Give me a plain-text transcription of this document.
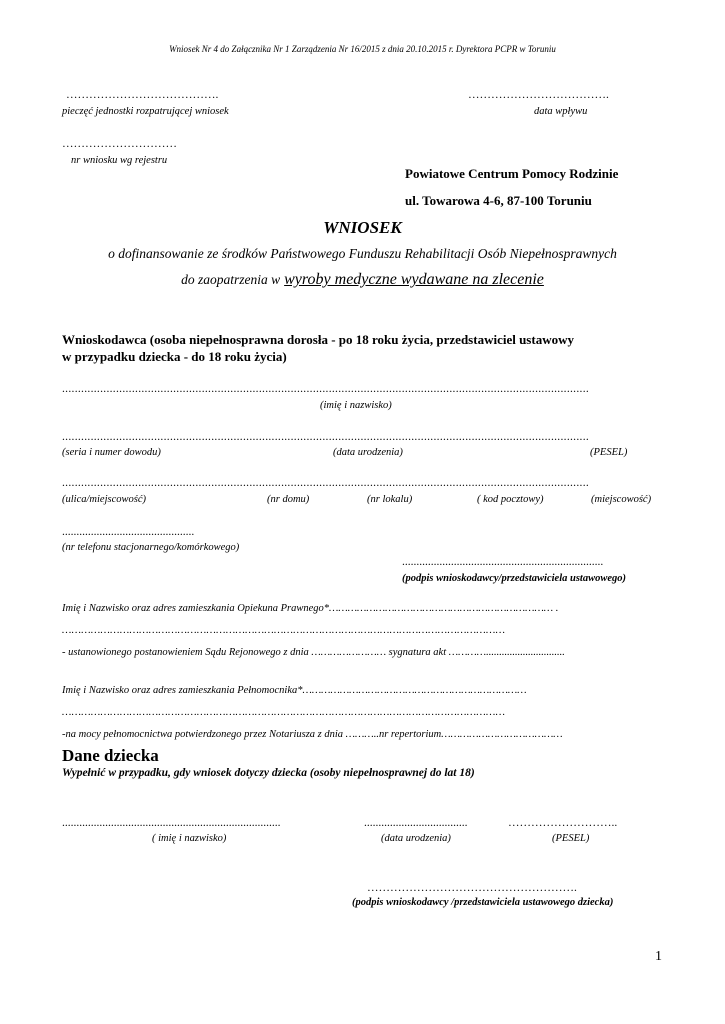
Wniosek Nr 4 do Załącznika Nr 1 Zarządzenia Nr 16/2015 z dnia 20.10.2015 r. Dyrektora PCPR w Toruniu
………………………………….
pieczęć jednostki rozpatrującej wniosek
……………………………….
data wpływu
…………………………
nr wniosku wg rejestru
Powiatowe Centrum Pomocy Rodzinie
ul. Towarowa 4-6, 87-100 Toruniu
WNIOSEK
o dofinansowanie ze środków Państwowego Funduszu Rehabilitacji Osób Niepełnosprawnych
do zaopatrzenia w wyroby medyczne wydawane na zlecenie
Wnioskodawca (osoba niepełnosprawna dorosła - po 18 roku życia, przedstawiciel ustawowy
w przypadku dziecka - do 18 roku życia)
......................................................................................................................................................................
(imię i nazwisko)
......................................................................................................................................................................
(seria i numer dowodu)	(data urodzenia)	(PESEL)
......................................................................................................................................................................
(ulica/miejscowość)	(nr domu)	(nr lokalu)	( kod pocztowy)	(miejscowość)
..............................................
(nr telefonu stacjonarnego/komórkowego)
......................................................................
(podpis wnioskodawcy/przedstawiciela ustawowego)
Imię i Nazwisko oraz adres zamieszkania Opiekuna Prawnego*……………………………………………………………… .
…………………………………………………………………………………………………………………………
- ustanowionego postanowieniem Sądu Rejonowego z dnia …………………… sygnatura akt …………..............................
Imię i Nazwisko oraz adres zamieszkania Pełnomocnika*………………………………………………………………
…………………………………………………………………………………………………………………………
-na mocy pełnomocnictwa potwierdzonego przez Notariusza z dnia ………..nr repertorium…………………………………
Dane dziecka
Wypełnić w przypadku, gdy wniosek dotyczy dziecka (osoby niepełnosprawnej do lat 18)
............................................................................	....................................	………………………..
( imię i nazwisko)	(data urodzenia)	(PESEL)
……………………………………………….
(podpis wnioskodawcy /przedstawiciela ustawowego dziecka)
1
